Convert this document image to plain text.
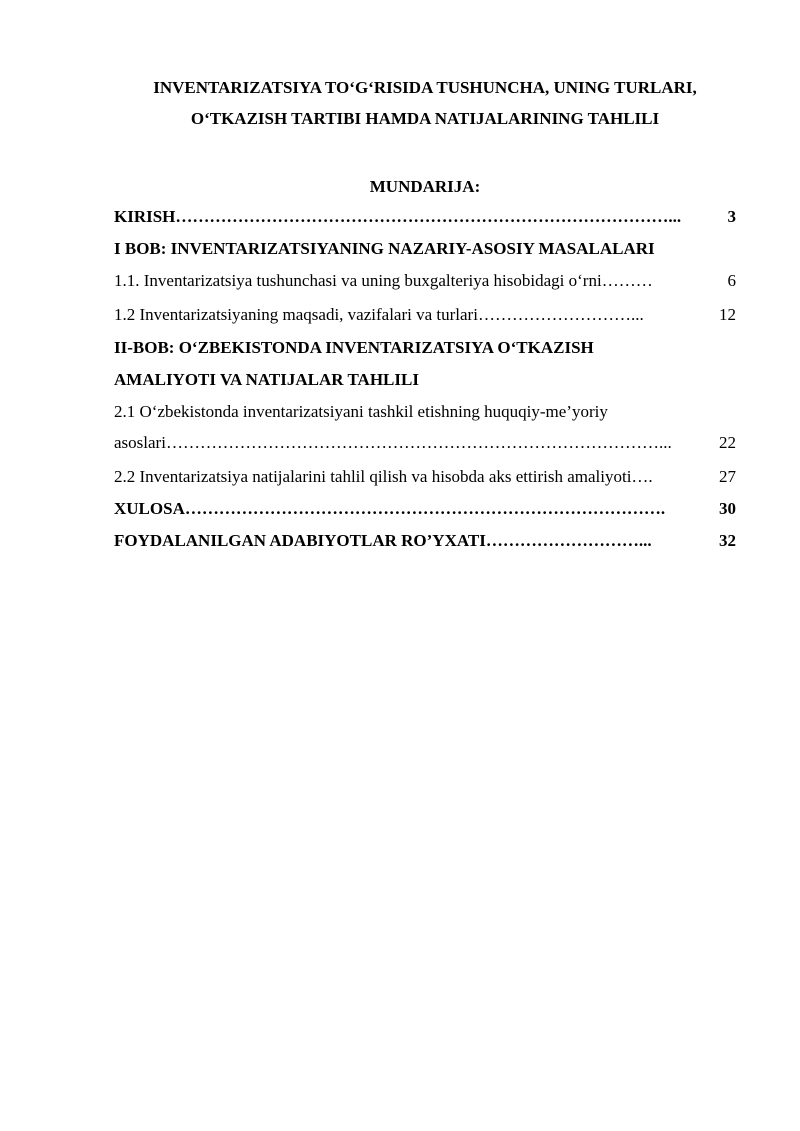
INVENTARIZATSIYA TO‘G‘RISIDA TUSHUNCHA, UNING TURLARI,
O‘TKAZISH TARTIBI HAMDA NATIJALARINING TAHLILI
MUNDARIJA:
KIRISH ……………………………………………………………………………...	3
I BOB: INVENTARIZATSIYANING NAZARIY-ASOSIY MASALALARI
1.1. Inventarizatsiya tushunchasi va uning buxgalteriya hisobidagi o‘rni………	6
1.2 Inventarizatsiyaning maqsadi, vazifalari va turlari………………………...	12
II-BOB: O‘ZBEKISTONDA INVENTARIZATSIYA O‘TKAZISH
AMALIYOTI VA NATIJALAR TAHLILI
2.1 O‘zbekistonda inventarizatsiyani tashkil etishning huquqiy-me’yoriy
asoslari ……………………………………………………………………………...	22
2.2 Inventarizatsiya natijalarini tahlil qilish va hisobda aks ettirish amaliyoti….	27
XULOSA ………………………………………………………………………….	30
FOYDALANILGAN ADABIYOTLAR RO’YXATI ………………………...	32
